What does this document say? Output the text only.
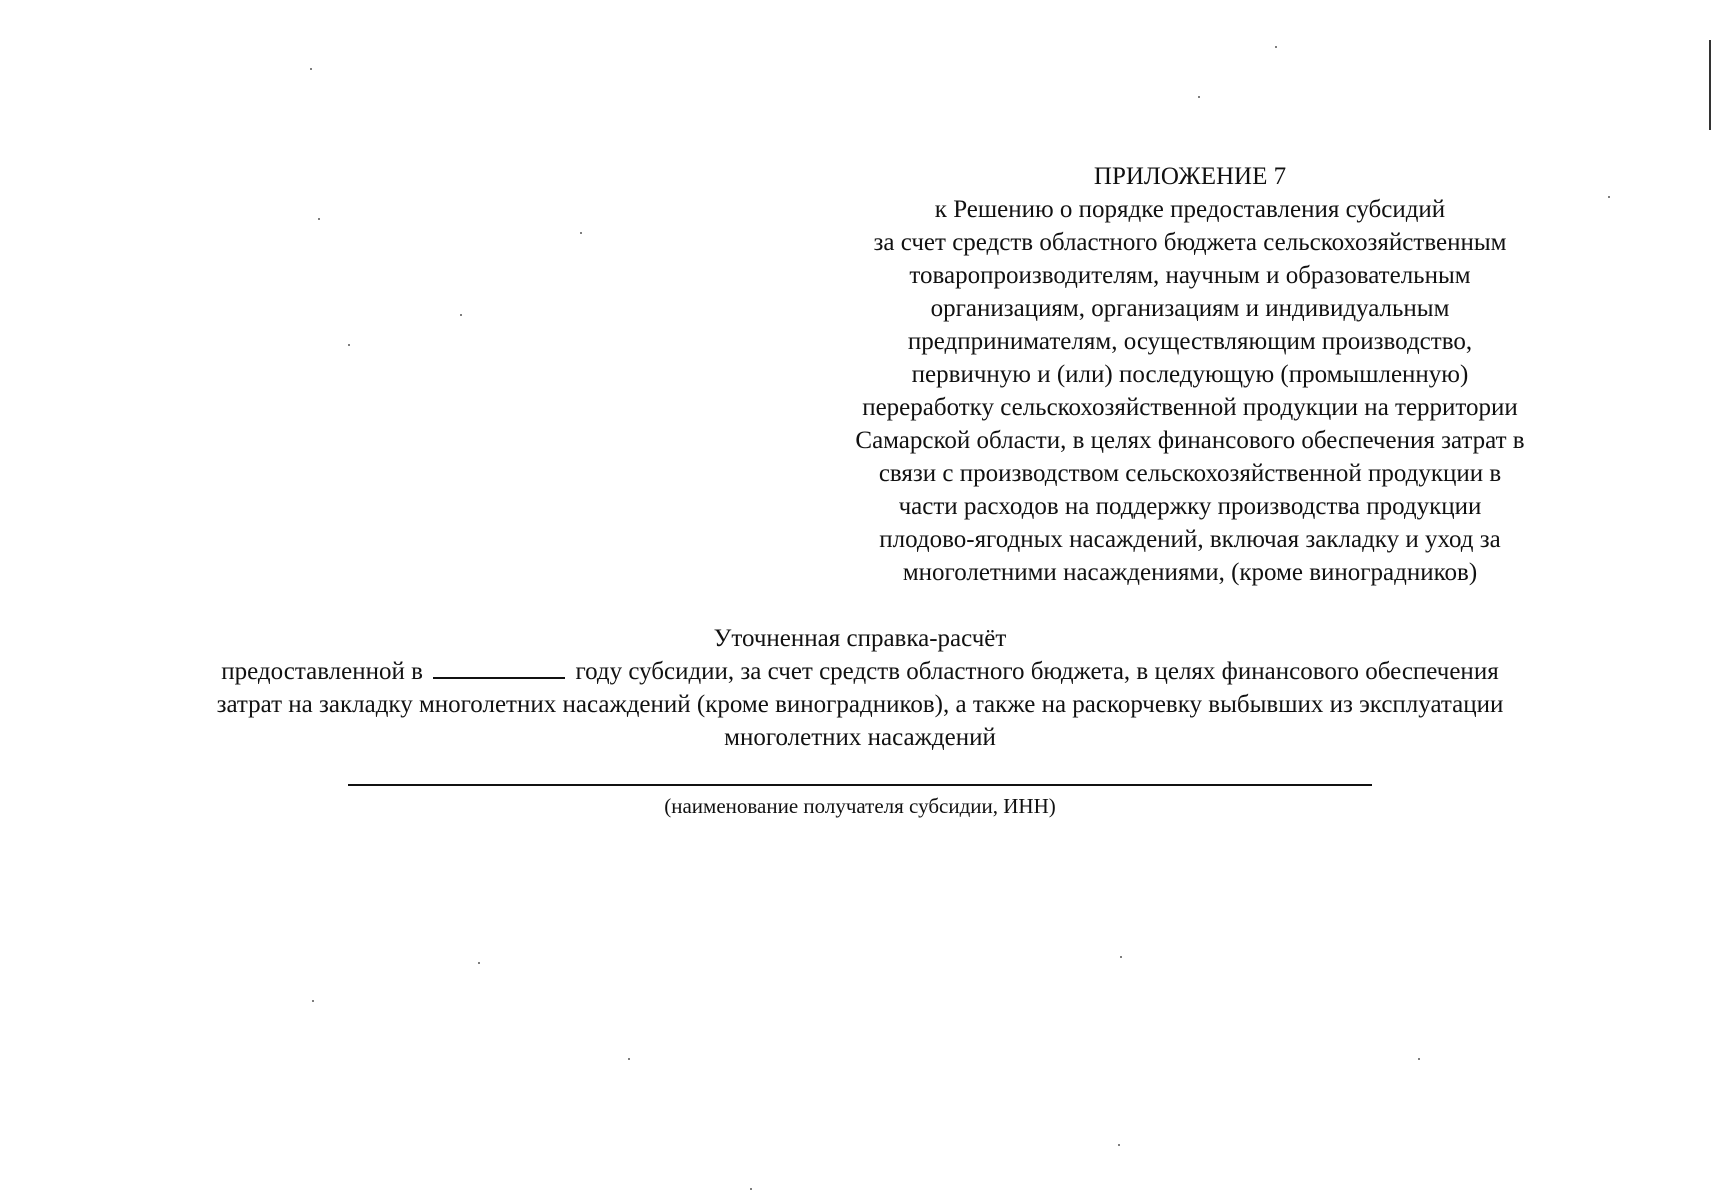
ПРИЛОЖЕНИЕ 7
к Решению о порядке предоставления субсидий
за счет средств областного бюджета сельскохозяйственным
товаропроизводителям, научным и образовательным
организациям, организациям и индивидуальным
предпринимателям, осуществляющим производство,
первичную и (или) последующую (промышленную)
переработку сельскохозяйственной продукции на территории
Самарской области, в целях финансового обеспечения затрат в
связи с производством сельскохозяйственной продукции в
части расходов на поддержку производства продукции
плодово-ягодных насаждений, включая закладку и уход за
многолетними насаждениями, (кроме виноградников)
Уточненная справка-расчёт
предоставленной в	году субсидии, за счет средств областного бюджета, в целях финансового обеспечения
затрат на закладку многолетних насаждений (кроме виноградников), а также на раскорчевку выбывших из эксплуатации
многолетних насаждений
(наименование получателя субсидии, ИНН)
